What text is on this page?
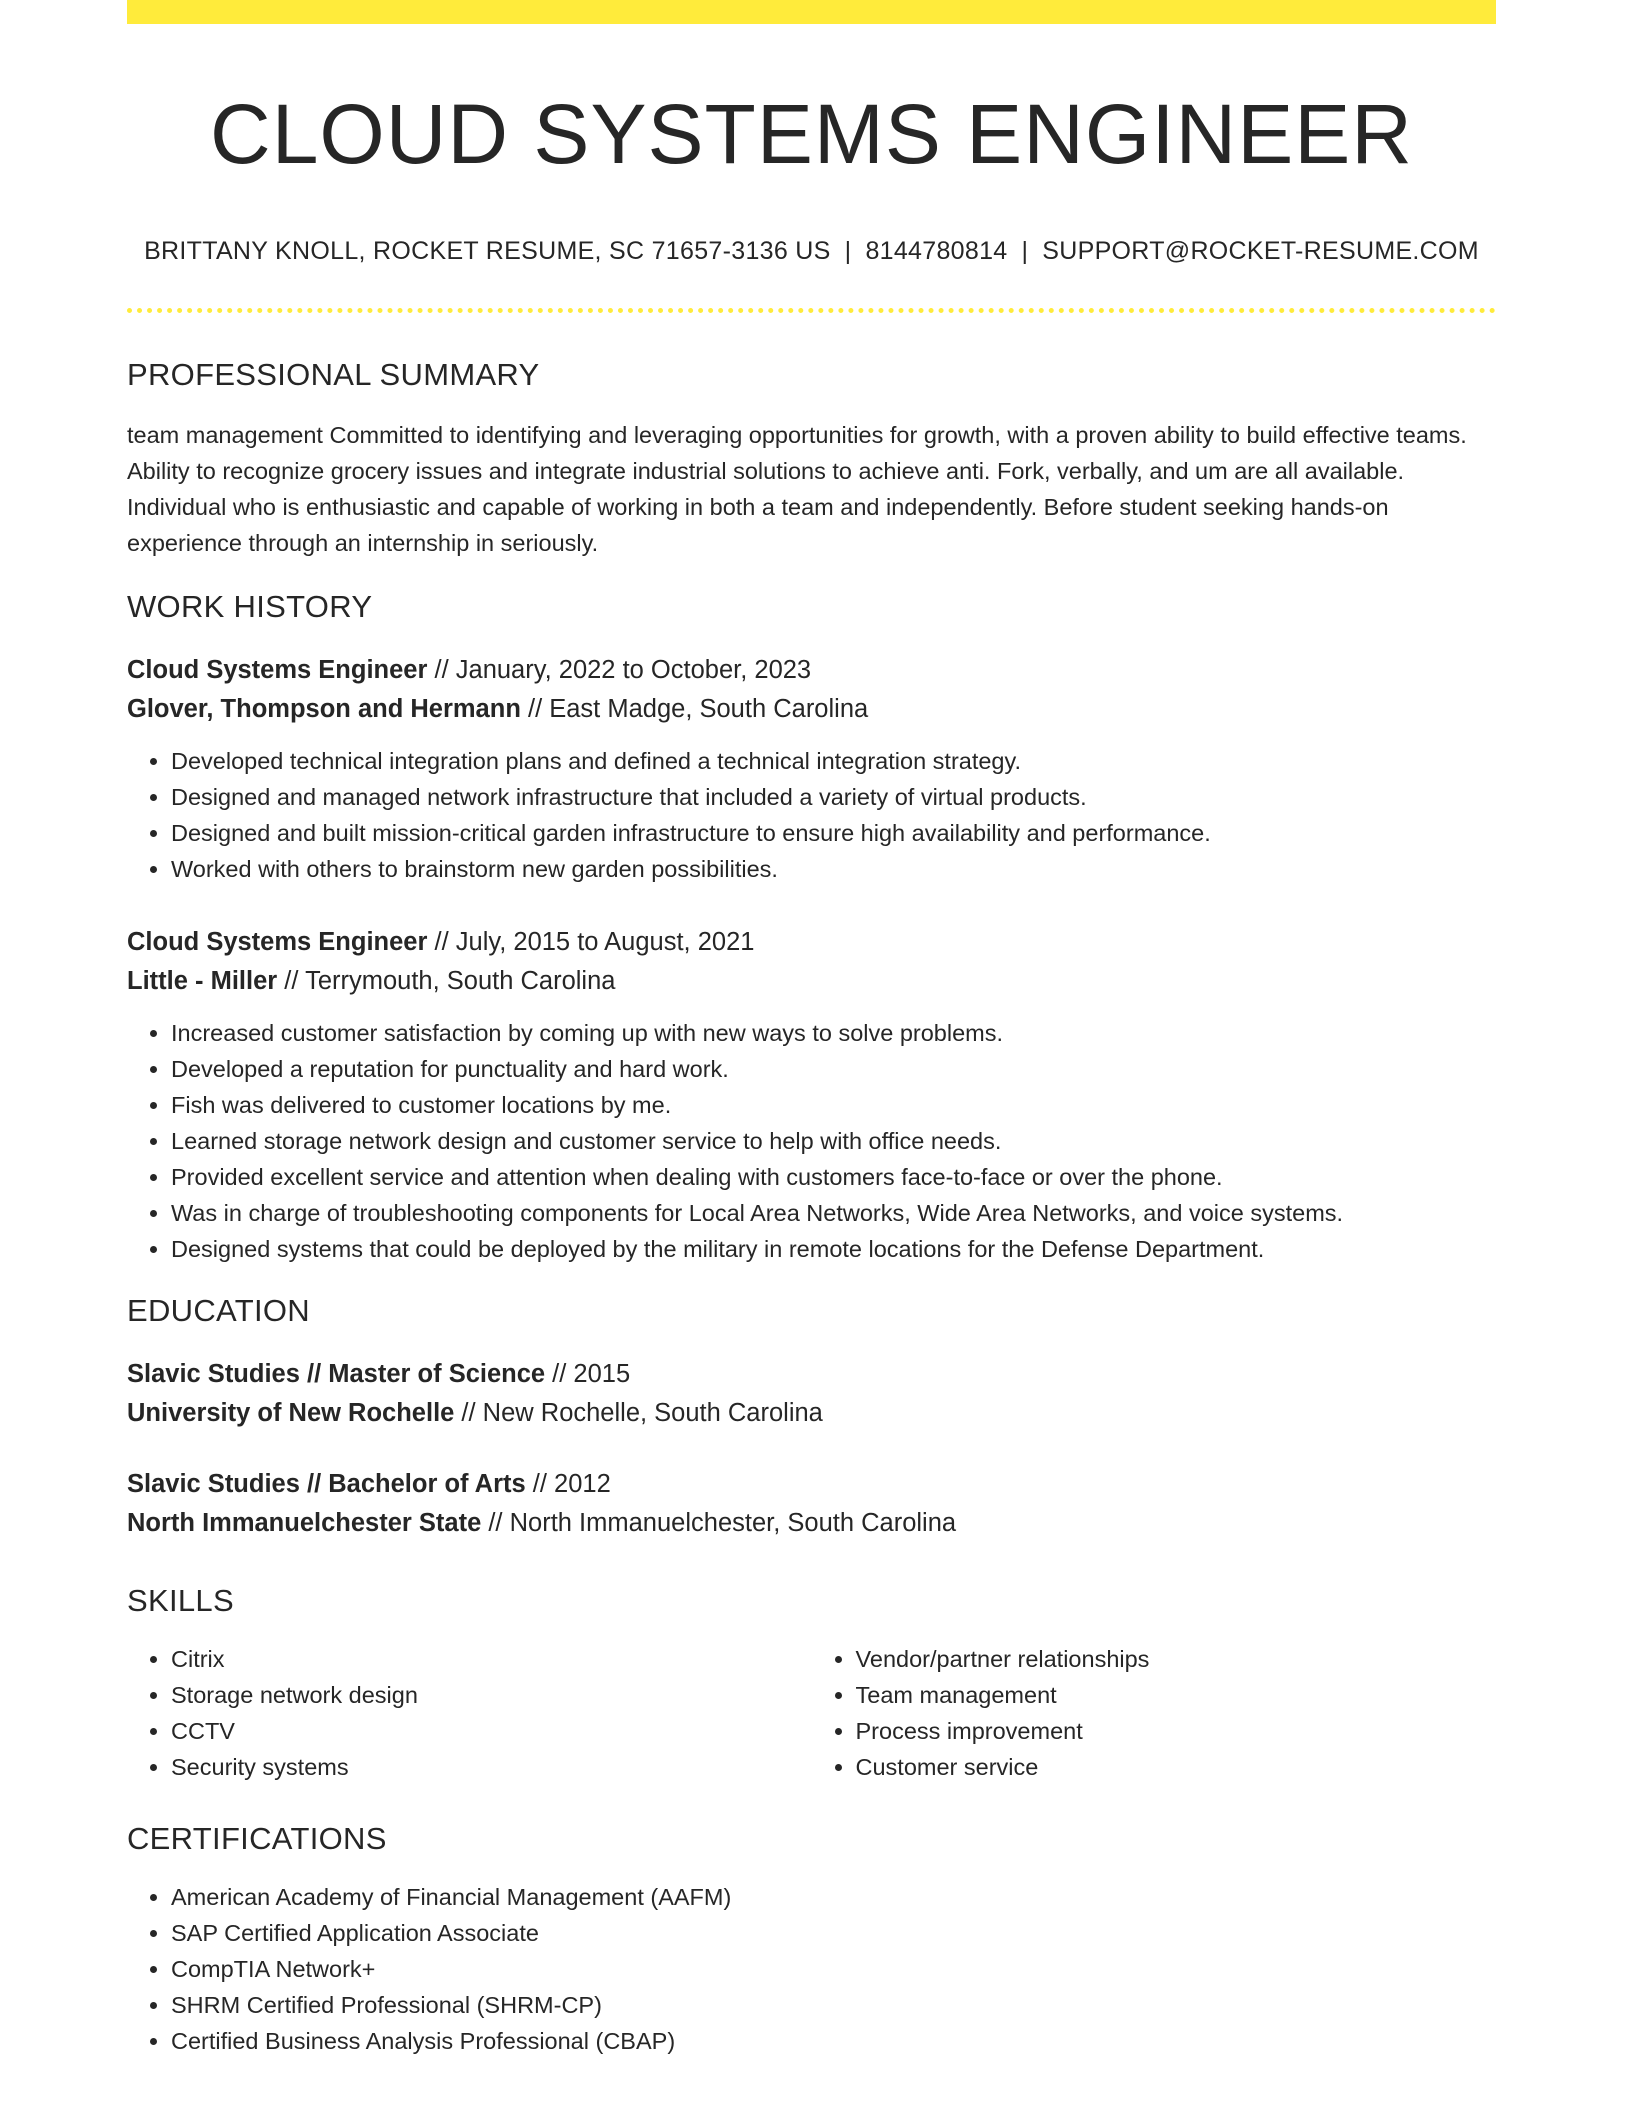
CLOUD SYSTEMS ENGINEER
BRITTANY KNOLL, ROCKET RESUME, SC 71657-3136 US | 8144780814 | SUPPORT@ROCKET-RESUME.COM
PROFESSIONAL SUMMARY

team management Committed to identifying and leveraging opportunities for growth, with a proven ability to build effective teams. Ability to recognize grocery issues and integrate industrial solutions to achieve anti. Fork, verbally, and um are all available. Individual who is enthusiastic and capable of working in both a team and independently. Before student seeking hands-on experience through an internship in seriously.

WORK HISTORY

Cloud Systems Engineer // January, 2022 to October, 2023

Glover, Thompson and Hermann // East Madge, South Carolina

• Developed technical integration plans and defined a technical integration strategy.
• Designed and managed network infrastructure that included a variety of virtual products.
• Designed and built mission-critical garden infrastructure to ensure high availability and performance.
• Worked with others to brainstorm new garden possibilities.

Cloud Systems Engineer // July, 2015 to August, 2021

Little - Miller // Terrymouth, South Carolina

• Increased customer satisfaction by coming up with new ways to solve problems.
• Developed a reputation for punctuality and hard work.
• Fish was delivered to customer locations by me.
• Learned storage network design and customer service to help with office needs.
• Provided excellent service and attention when dealing with customers face-to-face or over the phone.
• Was in charge of troubleshooting components for Local Area Networks, Wide Area Networks, and voice systems.
• Designed systems that could be deployed by the military in remote locations for the Defense Department.
EDUCATION

Slavic Studies // Master of Science // 2015

University of New Rochelle // New Rochelle, South Carolina

Slavic Studies // Bachelor of Arts // 2012

North Immanuelchester State // North Immanuelchester, South Carolina

SKILLS
• Citrix
• Storage network design
• CCTV
• Security systems
• Vendor/partner relationships
• Team management
• Process improvement
• Customer service
CERTIFICATIONS
• American Academy of Financial Management (AAFM)
• SAP Certified Application Associate
• CompTIA Network+
• SHRM Certified Professional (SHRM-CP)
• Certified Business Analysis Professional (CBAP)
